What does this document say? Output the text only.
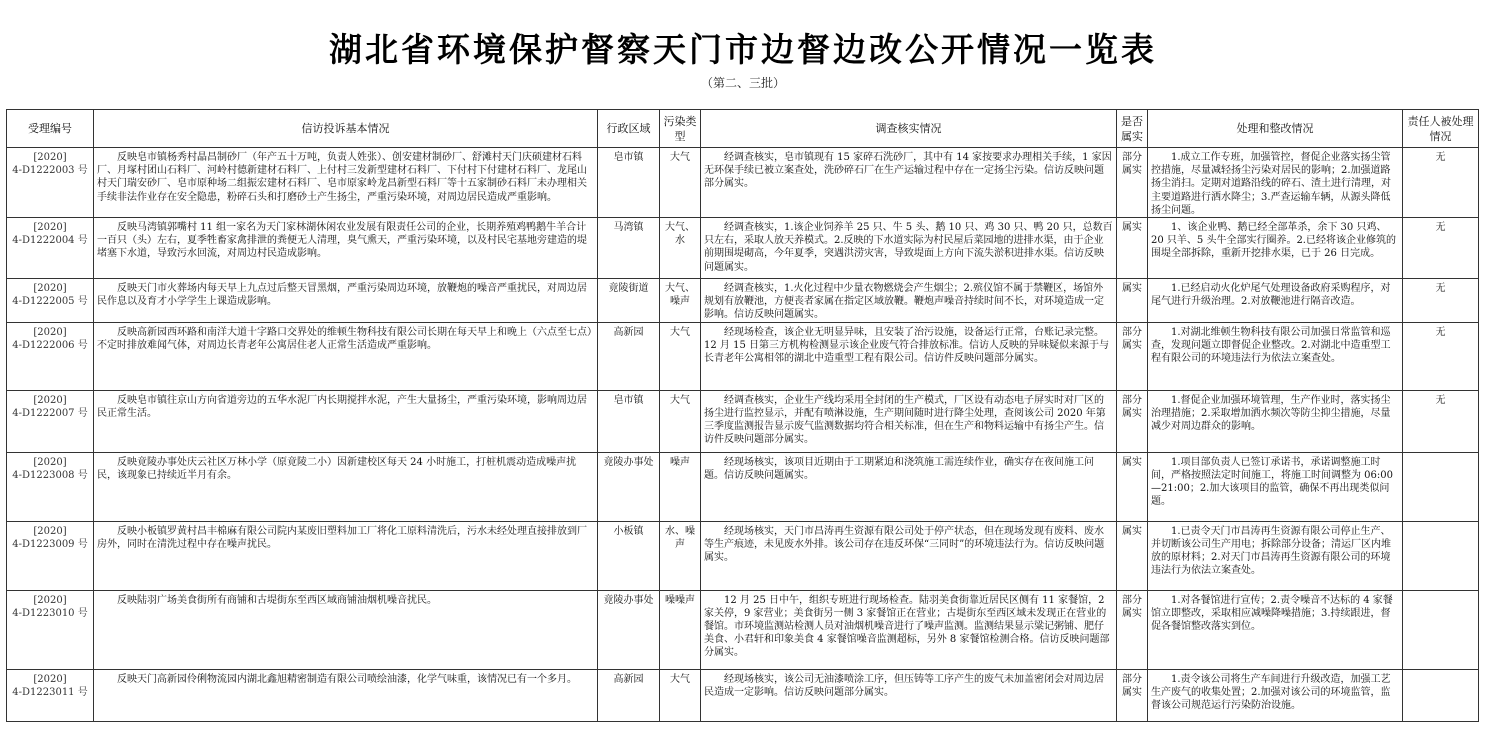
湖北省环境保护督察天门市边督边改公开情况一览表
（第二、三批）
受理编号	信访投诉基本情况	行政区域	污染类型	调查核实情况	是否属实	处理和整改情况	责任人被处理情况

[2020]
4-D1222003 号	反映皂市镇杨秀村晶昌制砂厂（年产五十万吨，负责人姓张）、创安建材制砂厂、舒滩村天门庆硕建材石料厂、月塚村团山石料厂、河岭村德新建材石料厂、上付村三发新型建材石料厂、下付村下付建材石料厂、龙尾山村天门瑞安砂厂、皂市原种场二组振宏建材石料厂、皂市原家岭龙昌新型石料厂等十五家制砂石料厂未办理相关手续非法作业存在安全隐患，粉碎石头和打磨砂土产生扬尘，严重污染环境，对周边居民造成严重影响。	皂市镇	大气	经调查核实，皂市镇现有 15 家碎石洗砂厂，其中有 14 家按要求办理相关手续，1 家因无环保手续已被立案查处，洗砂碎石厂在生产运输过程中存在一定扬尘污染。信访反映问题部分属实。	部分属实	1.成立工作专班，加强管控，督促企业落实扬尘管控措施，尽量减轻扬尘污染对居民的影响；2.加强道路扬尘消扫。定期对道路沿线的碎石、渣土进行清理，对主要道路进行洒水降尘；3.严查运输车辆，从源头降低扬尘问题。	无

[2020]
4-D1222004 号	反映马湾镇郭嘴村 11 组一家名为天门家林湖休闲农业发展有限责任公司的企业，长期养殖鸡鸭鹅牛羊合计一百只（头）左右，夏季牲畜家禽排泄的粪便无人清理，臭气熏天，严重污染环境，以及村民宅基地旁建造的堤堵塞下水道，导致污水回流，对周边村民造成影响。	马湾镇	大气、水	经调查核实，1.该企业饲养羊 25 只、牛 5 头、鹅 10 只、鸡 30 只、鸭 20 只，总数百只左右，采取人放天养模式。2.反映的下水道实际为村民屋后菜园地的进排水渠，由于企业前期围堤砌高，今年夏季，突遇洪涝灾害，导致堤面上方向下流失淤积进排水渠。信访反映问题属实。	属实	1、该企业鸭、鹅已经全部革杀，余下 30 只鸡、20 只羊、5 头牛全部实行圈养。2.已经将该企业修筑的围堤全部拆除，重新开挖排水渠，已于 26 日完成。	无

[2020]
4-D1222005 号	反映天门市火葬场内每天早上九点过后整天冒黑烟，严重污染周边环境，放鞭炮的噪音严重扰民，对周边居民作息以及育才小学学生上课造成影响。	竟陵街道	大气、噪声	经调查核实，1.火化过程中少量衣物燃烧会产生烟尘；2.殡仪馆不属于禁鞭区，场馆外规划有放鞭池，方便丧者家属在指定区域放鞭。鞭炮声噪音持续时间不长，对环境造成一定影响。信访反映问题属实。	属实	1.已经启动火化炉尾气处理设备政府采购程序，对尾气进行升级治理。2.对放鞭池进行隔音改造。	无

[2020]
4-D1222006 号	反映高新园西环路和南洋大道十字路口交界处的维顿生物科技有限公司长期在每天早上和晚上（六点至七点）不定时排放难闻气体，对周边长青老年公寓居住老人正常生活造成严重影响。	高新园	大气	经现场检查，该企业无明显异味，且安装了治污设施，设备运行正常，台账记录完整。12 月 15 日第三方机构检测显示该企业废气符合排放标准。信访人反映的异味疑似来源于与长青老年公寓相邻的湖北中造重型工程有限公司。信访件反映问题部分属实。	部分属实	1.对湖北维顿生物科技有限公司加强日常监管和巡查，发现问题立即督促企业整改。2.对湖北中造重型工程有限公司的环境违法行为依法立案查处。	无

[2020]
4-D1222007 号	反映皂市镇往京山方向省道旁边的五华水泥厂内长期搅拌水泥，产生大量扬尘，严重污染环境，影响周边居民正常生活。	皂市镇	大气	经调查核实，企业生产线均采用全封闭的生产模式，厂区设有动态电子屏实时对厂区的扬尘进行监控显示，并配有喷淋设施，生产期间随时进行降尘处理，查阅该公司 2020 年第三季度监测报告显示废气监测数据均符合相关标准，但在生产和物料运输中有扬尘产生。信访件反映问题部分属实。	部分属实	1.督促企业加强环境管理，生产作业时，落实扬尘治理措施；2.采取增加洒水频次等防尘抑尘措施，尽量减少对周边群众的影响。	无

[2020]
4-D1223008 号	反映竟陵办事处庆云社区万林小学（原竟陵二小）因新建校区每天 24 小时施工，打桩机震动造成噪声扰民，该现象已持续近半月有余。	竟陵办事处	噪声	经现场核实，该项目近期由于工期紧迫和浇筑施工需连续作业，确实存在夜间施工问题。信访反映问题属实。	属实	1.项目部负责人已签订承诺书，承诺调整施工时间，严格按照法定时间施工，将施工时间调整为 06:00—21:00；2.加大该项目的监管，确保不再出现类似问题。	

[2020]
4-D1223009 号	反映小板镇罗黄村昌丰棉麻有限公司院内某废旧塑料加工厂将化工原料清洗后，污水未经处理直接排放到厂房外，同时在清洗过程中存在噪声扰民。	小板镇	水、噪声	经现场核实，天门市昌涛再生资源有限公司处于停产状态，但在现场发现有废料、废水等生产痕迹，未见废水外排。该公司存在违反环保“三同时”的环境违法行为。信访反映问题属实。	属实	1.已责令天门市昌涛再生资源有限公司停止生产、并切断该公司生产用电；拆除部分设备；清运厂区内堆放的原材料；2.对天门市昌涛再生资源有限公司的环境违法行为依法立案查处。	

[2020]
4-D1223010 号	反映陆羽广场美食街所有商铺和古堤街东至西区域商铺油烟机噪音扰民。	竟陵办事处	噪噪声	12 月 25 日中午，组织专班进行现场检查。陆羽美食街靠近居民区侧有 11 家餐馆，2 家关停，9 家营业；美食街另一侧 3 家餐馆正在营业；古堤街东至西区域未发现正在营业的餐馆。市环境监测站检测人员对油烟机噪音进行了噪声监测。监测结果显示粱记粥铺、肥仔美食、小君轩和印象美食 4 家餐馆噪音监测超标，另外 8 家餐馆检测合格。信访反映问题部分属实。	部分属实	1.对各餐馆进行宣传；2.责令噪音不达标的 4 家餐馆立即整改，采取相应减噪降噪措施；3.持续跟进，督促各餐馆整改落实到位。	

[2020]
4-D1223011 号	反映天门高新园伶俐物流园内湖北鑫旭精密制造有限公司喷绘油漆，化学气味重，该情况已有一个多月。	高新园	大气	经现场核实，该公司无油漆喷涂工序，但压铸等工序产生的废气未加盖密闭会对周边居民造成一定影响。信访反映问题部分属实。	部分属实	1.责令该公司将生产车间进行升级改造，加强工艺生产废气的收集处置；2.加强对该公司的环境监管，监督该公司规范运行污染防治设施。	
